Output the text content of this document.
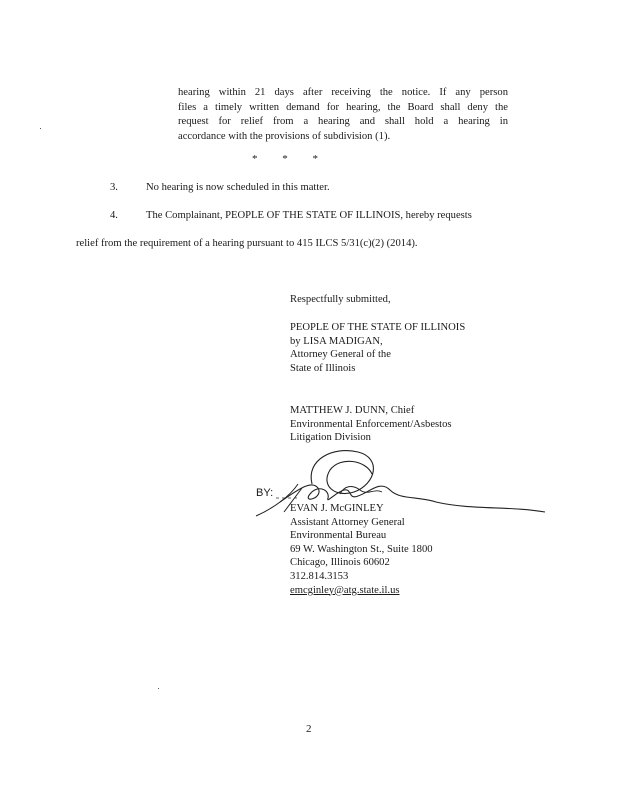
hearing within 21 days after receiving the notice. If any person
files a timely written demand for hearing, the Board shall deny the
request for relief from a hearing and shall hold a hearing in
accordance with the provisions of subdivision (1).
* * *
3.	No hearing is now scheduled in this matter.
4.	The Complainant, PEOPLE OF THE STATE OF ILLINOIS, hereby requests
relief from the requirement of a hearing pursuant to 415 ILCS 5/31(c)(2) (2014).
Respectfully submitted,
PEOPLE OF THE STATE OF ILLINOIS
by LISA MADIGAN,
Attorney General of the
State of Illinois
MATTHEW J. DUNN, Chief
Environmental Enforcement/Asbestos
Litigation Division
BY:
EVAN J. McGINLEY
Assistant Attorney General
Environmental Bureau
69 W. Washington St., Suite 1800
Chicago, Illinois 60602
312.814.3153
emcginley@atg.state.il.us
2
